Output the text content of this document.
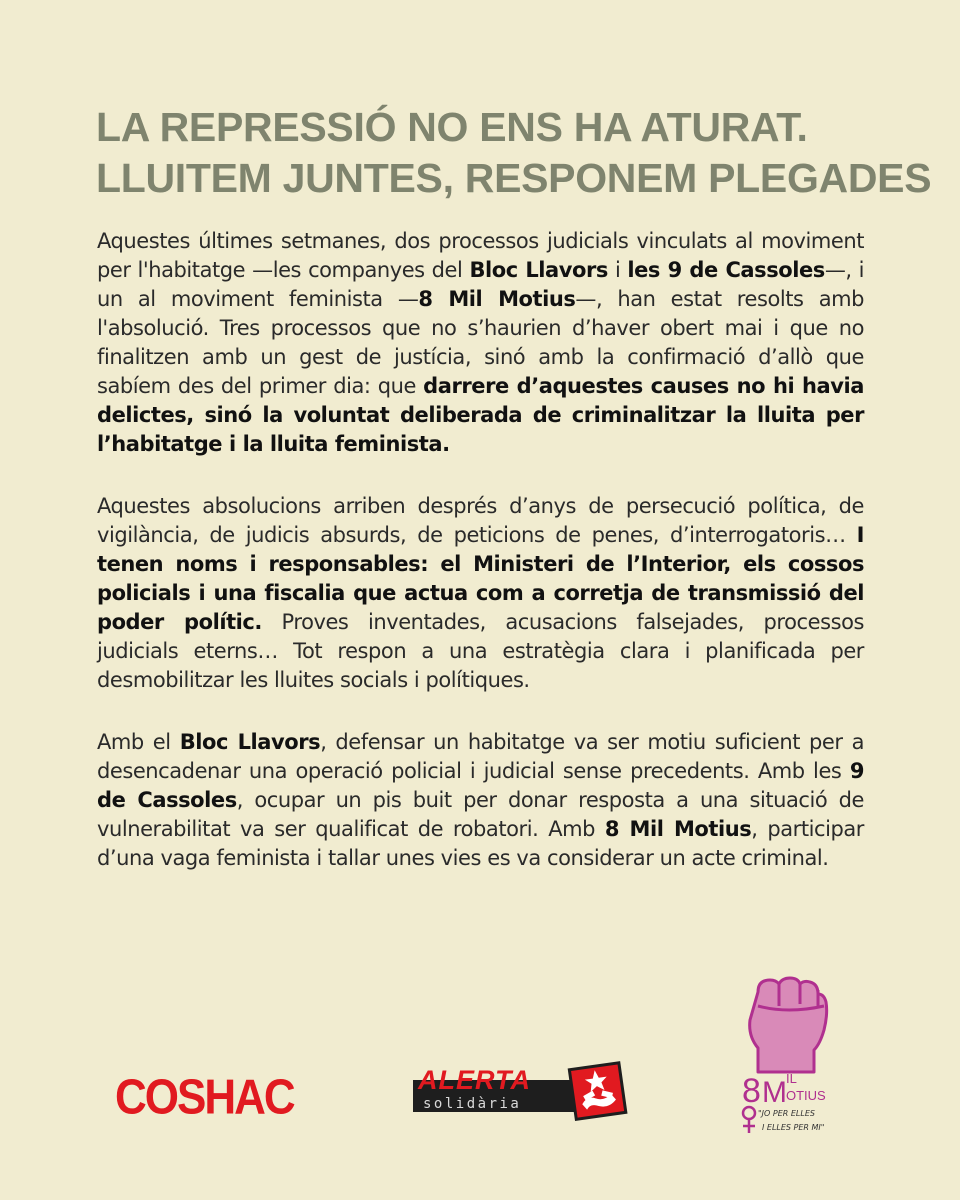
LA REPRESSIÓ NO ENS HA ATURAT.
LLUITEM JUNTES, RESPONEM PLEGADES

Aquestes últimes setmanes, dos processos judicials vinculats al moviment per l'habitatge —les companyes del Bloc Llavors i les 9 de Cassoles—, i un al moviment feminista —8 Mil Motius—, han estat resolts amb l'absolució. Tres processos que no s’haurien d’haver obert mai i que no finalitzen amb un gest de justícia, sinó amb la confirmació d’allò que sabíem des del primer dia: que darrere d’aquestes causes no hi havia delictes, sinó la voluntat deliberada de criminalitzar la lluita per l’habitatge i la lluita feminista.

Aquestes absolucions arriben després d’anys de persecució política, de vigilància, de judicis absurds, de peticions de penes, d’interrogatoris… I tenen noms i responsables: el Ministeri de l’Interior, els cossos policials i una fiscalia que actua com a corretja de transmissió del poder polític. Proves inventades, acusacions falsejades, processos judicials eterns… Tot respon a una estratègia clara i planificada per desmobilitzar les lluites socials i polítiques.

Amb el Bloc Llavors, defensar un habitatge va ser motiu suficient per a desencadenar una operació policial i judicial sense precedents. Amb les 9 de Cassoles, ocupar un pis buit per donar resposta a una situació de vulnerabilitat va ser qualificat de robatori. Amb 8 Mil Motius, participar d’una vaga feminista i tallar unes vies es va considerar un acte criminal.

COSHAC	ALERTA
solidària	8 M IL
OTIUS
"JO PER ELLES
I ELLES PER MI"
